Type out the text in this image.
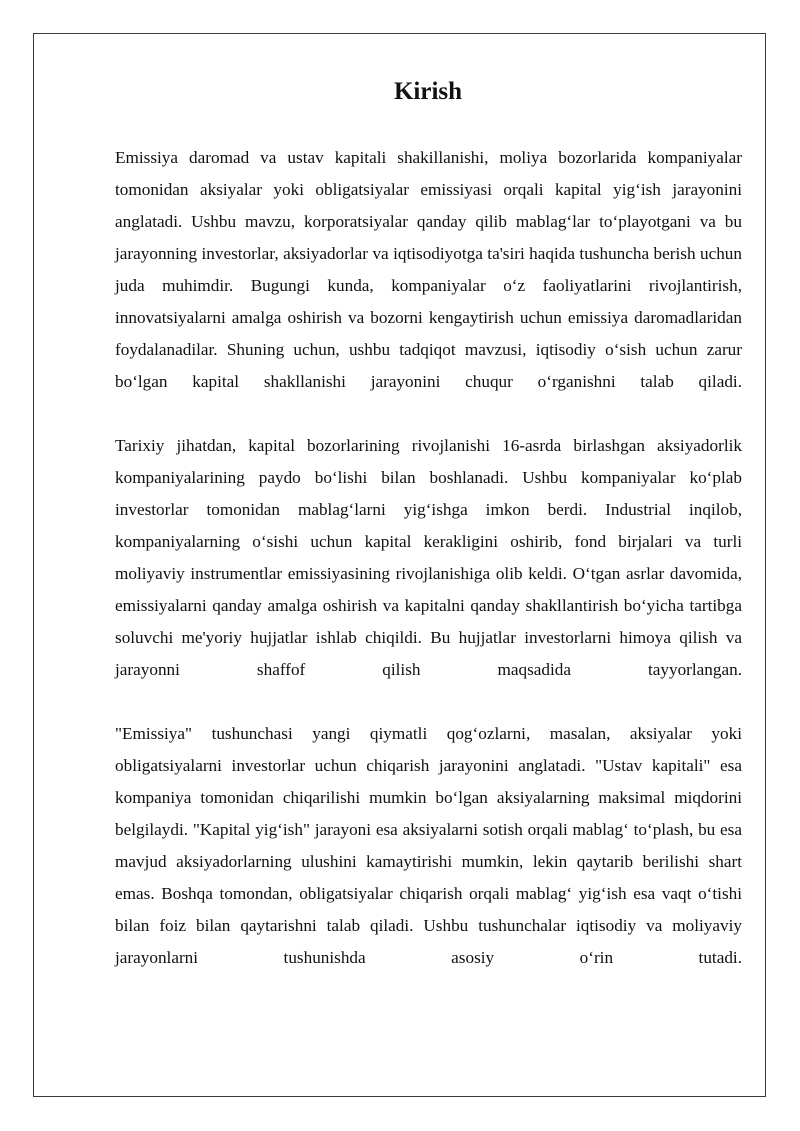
Kirish

Emissiya daromad va ustav kapitali shakillanishi, moliya bozorlarida kompaniyalar tomonidan aksiyalar yoki obligatsiyalar emissiyasi orqali kapital yig‘ish jarayonini anglatadi. Ushbu mavzu, korporatsiyalar qanday qilib mablag‘lar to‘playotgani va bu jarayonning investorlar, aksiyadorlar va iqtisodiyotga ta'siri haqida tushuncha berish uchun juda muhimdir. Bugungi kunda, kompaniyalar o‘z faoliyatlarini rivojlantirish, innovatsiyalarni amalga oshirish va bozorni kengaytirish uchun emissiya daromadlaridan foydalanadilar. Shuning uchun, ushbu tadqiqot mavzusi, iqtisodiy o‘sish uchun zarur bo‘lgan kapital shakllanishi jarayonini chuqur o‘rganishni talab qiladi.

Tarixiy jihatdan, kapital bozorlarining rivojlanishi 16-asrda birlashgan aksiyadorlik kompaniyalarining paydo bo‘lishi bilan boshlanadi. Ushbu kompaniyalar ko‘plab investorlar tomonidan mablag‘larni yig‘ishga imkon berdi. Industrial inqilob, kompaniyalarning o‘sishi uchun kapital kerakligini oshirib, fond birjalari va turli moliyaviy instrumentlar emissiyasining rivojlanishiga olib keldi. O‘tgan asrlar davomida, emissiyalarni qanday amalga oshirish va kapitalni qanday shakllantirish bo‘yicha tartibga soluvchi me'yoriy hujjatlar ishlab chiqildi. Bu hujjatlar investorlarni himoya qilish va jarayonni shaffof qilish maqsadida tayyorlangan.

"Emissiya" tushunchasi yangi qiymatli qog‘ozlarni, masalan, aksiyalar yoki obligatsiyalarni investorlar uchun chiqarish jarayonini anglatadi. "Ustav kapitali" esa kompaniya tomonidan chiqarilishi mumkin bo‘lgan aksiyalarning maksimal miqdorini belgilaydi. "Kapital yig‘ish" jarayoni esa aksiyalarni sotish orqali mablag‘ to‘plash, bu esa mavjud aksiyadorlarning ulushini kamaytirishi mumkin, lekin qaytarib berilishi shart emas. Boshqa tomondan, obligatsiyalar chiqarish orqali mablag‘ yig‘ish esa vaqt o‘tishi bilan foiz bilan qaytarishni talab qiladi. Ushbu tushunchalar iqtisodiy va moliyaviy jarayonlarni tushunishda asosiy o‘rin tutadi.
